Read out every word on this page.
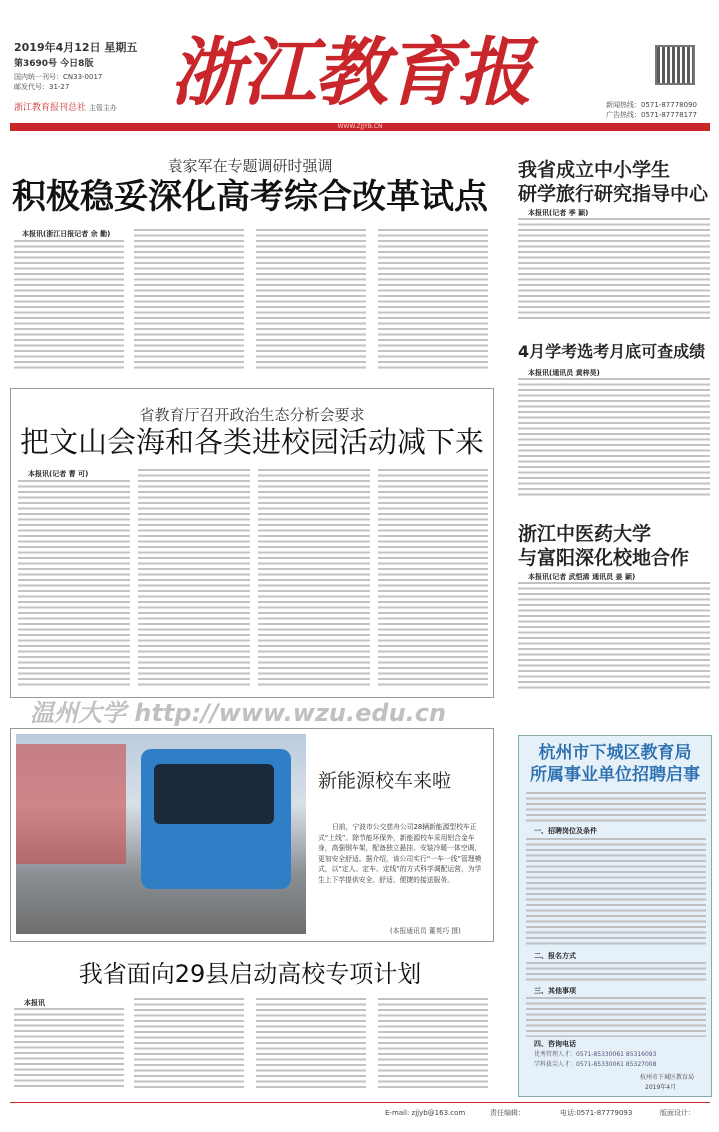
2019年4月12日 星期五
第3690号 今日8版
国内统一刊号：CN33-0017
邮发代号：31-27
浙江教育报刊总社 主管主办 浙江教育报	新闻热线：0571-87778090
广告热线：0571-87778177
WWW.ZJJYB.CN
袁家军在专题调研时强调
积极稳妥深化高考综合改革试点
本报讯(浙江日报记者 余 勤)
省教育厅召开政治生态分析会要求
把文山会海和各类进校园活动减下来
本报讯(记者 曹 可)
温州大学 http://www.wzu.edu.cn
新能源校车来啦
日前，宁波市公交慈舟公司28辆新能源型校车正式“上线”。除节能环保外，新能源校车采用铝合金车身，高强钢车架，配备独立悬挂、安装冷暖一体空调，更加安全舒适。据介绍，该公司实行“一车一线”管理模式，以“定人、定车、定线”的方式科学调配运营，为学生上下学提供安全、舒适、便捷的接送服务。
(本报通讯员 董英巧 摄)
我省面向29县启动高校专项计划
本报讯
我省成立中小学生
研学旅行研究指导中心
本报讯(记者 季 颖)
4月学考选考月底可查成绩
本报讯(通讯员 黄梓昊)
浙江中医药大学
与富阳深化校地合作
本报讯(记者 武恺浠 通讯员 姜 颖)
杭州市下城区教育局
所属事业单位招聘启事
一、招聘岗位及条件
二、报名方式
三、其他事项
四、咨询电话
优秀管理人才：0571-85330061 85316093
学科拔尖人才：0571-85330061 85327008
杭州市下城区教育局
2019年4月
E-mail: zjjyb@163.com	责任编辑：	电话:0571-87779093	版面设计：
